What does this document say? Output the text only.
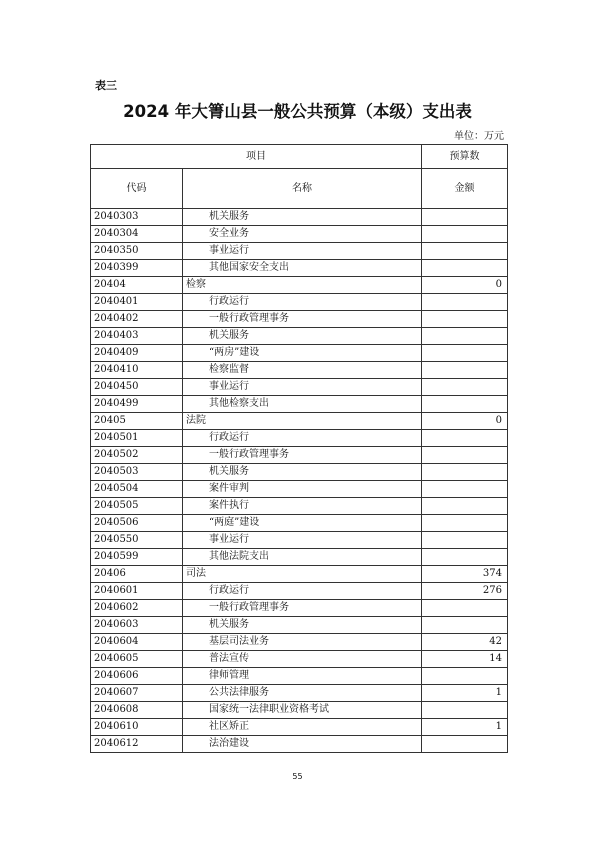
表三
2024 年大箐山县一般公共预算（本级）支出表
单位：万元
项目		预算数
代码	名称	金额
2040303	机关服务	
2040304	安全业务	
2040350	事业运行	
2040399	其他国家安全支出	
20404	检察	0
2040401	行政运行	
2040402	一般行政管理事务	
2040403	机关服务	
2040409	“两房”建设	
2040410	检察监督	
2040450	事业运行	
2040499	其他检察支出	
20405	法院	0
2040501	行政运行	
2040502	一般行政管理事务	
2040503	机关服务	
2040504	案件审判	
2040505	案件执行	
2040506	“两庭”建设	
2040550	事业运行	
2040599	其他法院支出	
20406	司法	374
2040601	行政运行	276
2040602	一般行政管理事务	
2040603	机关服务	
2040604	基层司法业务	42
2040605	普法宣传	14
2040606	律师管理	
2040607	公共法律服务	1
2040608	国家统一法律职业资格考试	
2040610	社区矫正	1
2040612	法治建设	
55
